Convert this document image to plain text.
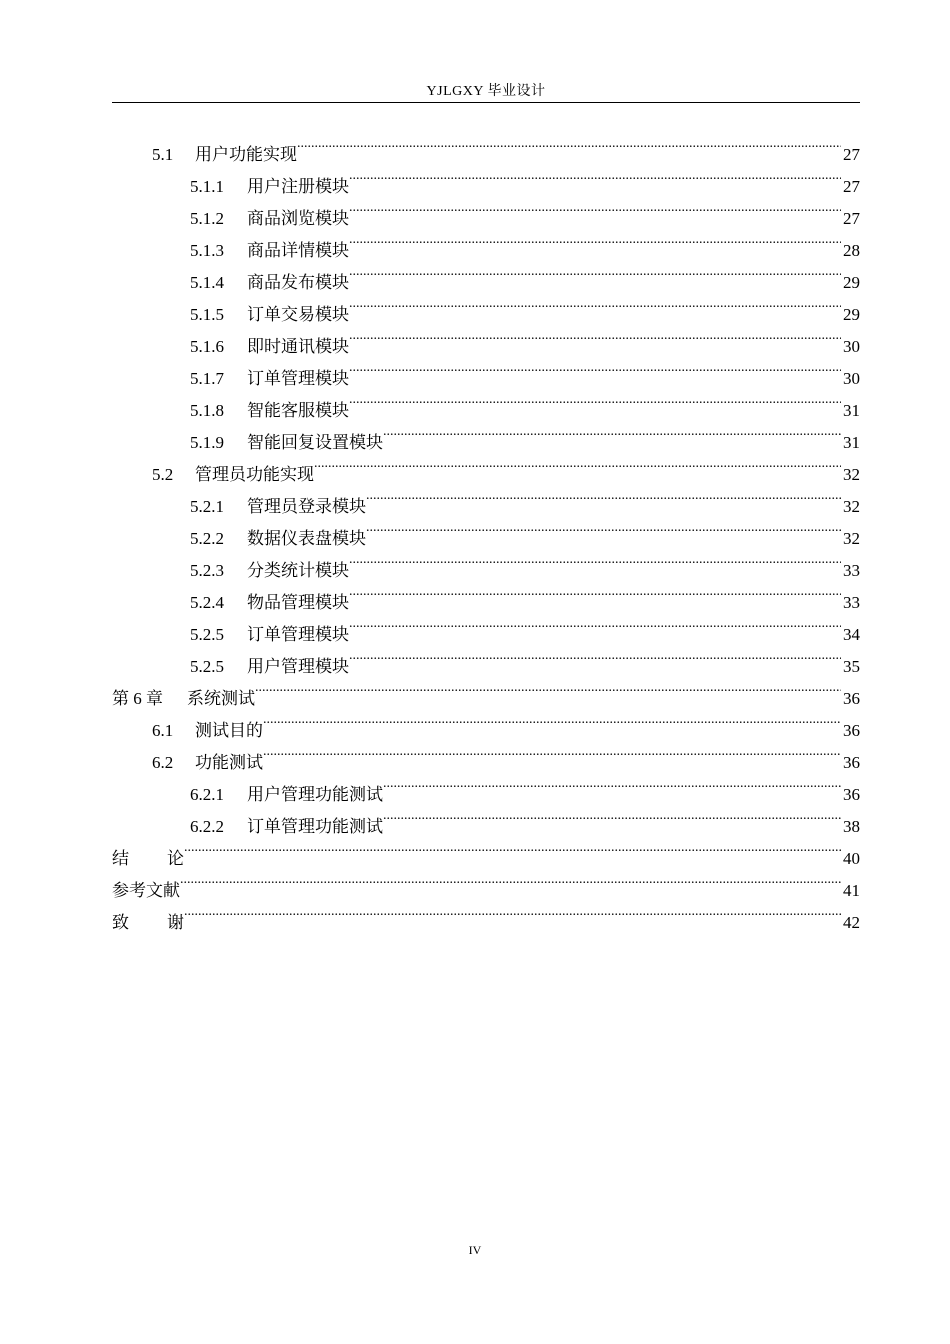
YJLGXY 毕业设计
5.1	用户功能实现 .....	27
5.1.1	用户注册模块 .....	27
5.1.2	商品浏览模块 .....	27
5.1.3	商品详情模块 .....	28
5.1.4	商品发布模块 .....	29
5.1.5	订单交易模块 .....	29
5.1.6	即时通讯模块 .....	30
5.1.7	订单管理模块 .....	30
5.1.8	智能客服模块 .....	31
5.1.9	智能回复设置模块 .....	31
5.2	管理员功能实现 .....	32
5.2.1	管理员登录模块 .....	32
5.2.2	数据仪表盘模块 .....	32
5.2.3	分类统计模块 .....	33
5.2.4	物品管理模块 .....	33
5.2.5	订单管理模块 .....	34
5.2.5	用户管理模块 .....	35
第 6 章 系统测试 .....	36
6.1	测试目的 .....	36
6.2	功能测试 .....	36
6.2.1	用户管理功能测试 .....	36
6.2.2	订单管理功能测试 .....	38
结论 .....	40
参考文献 .....	41
致谢 .....	42
IV
